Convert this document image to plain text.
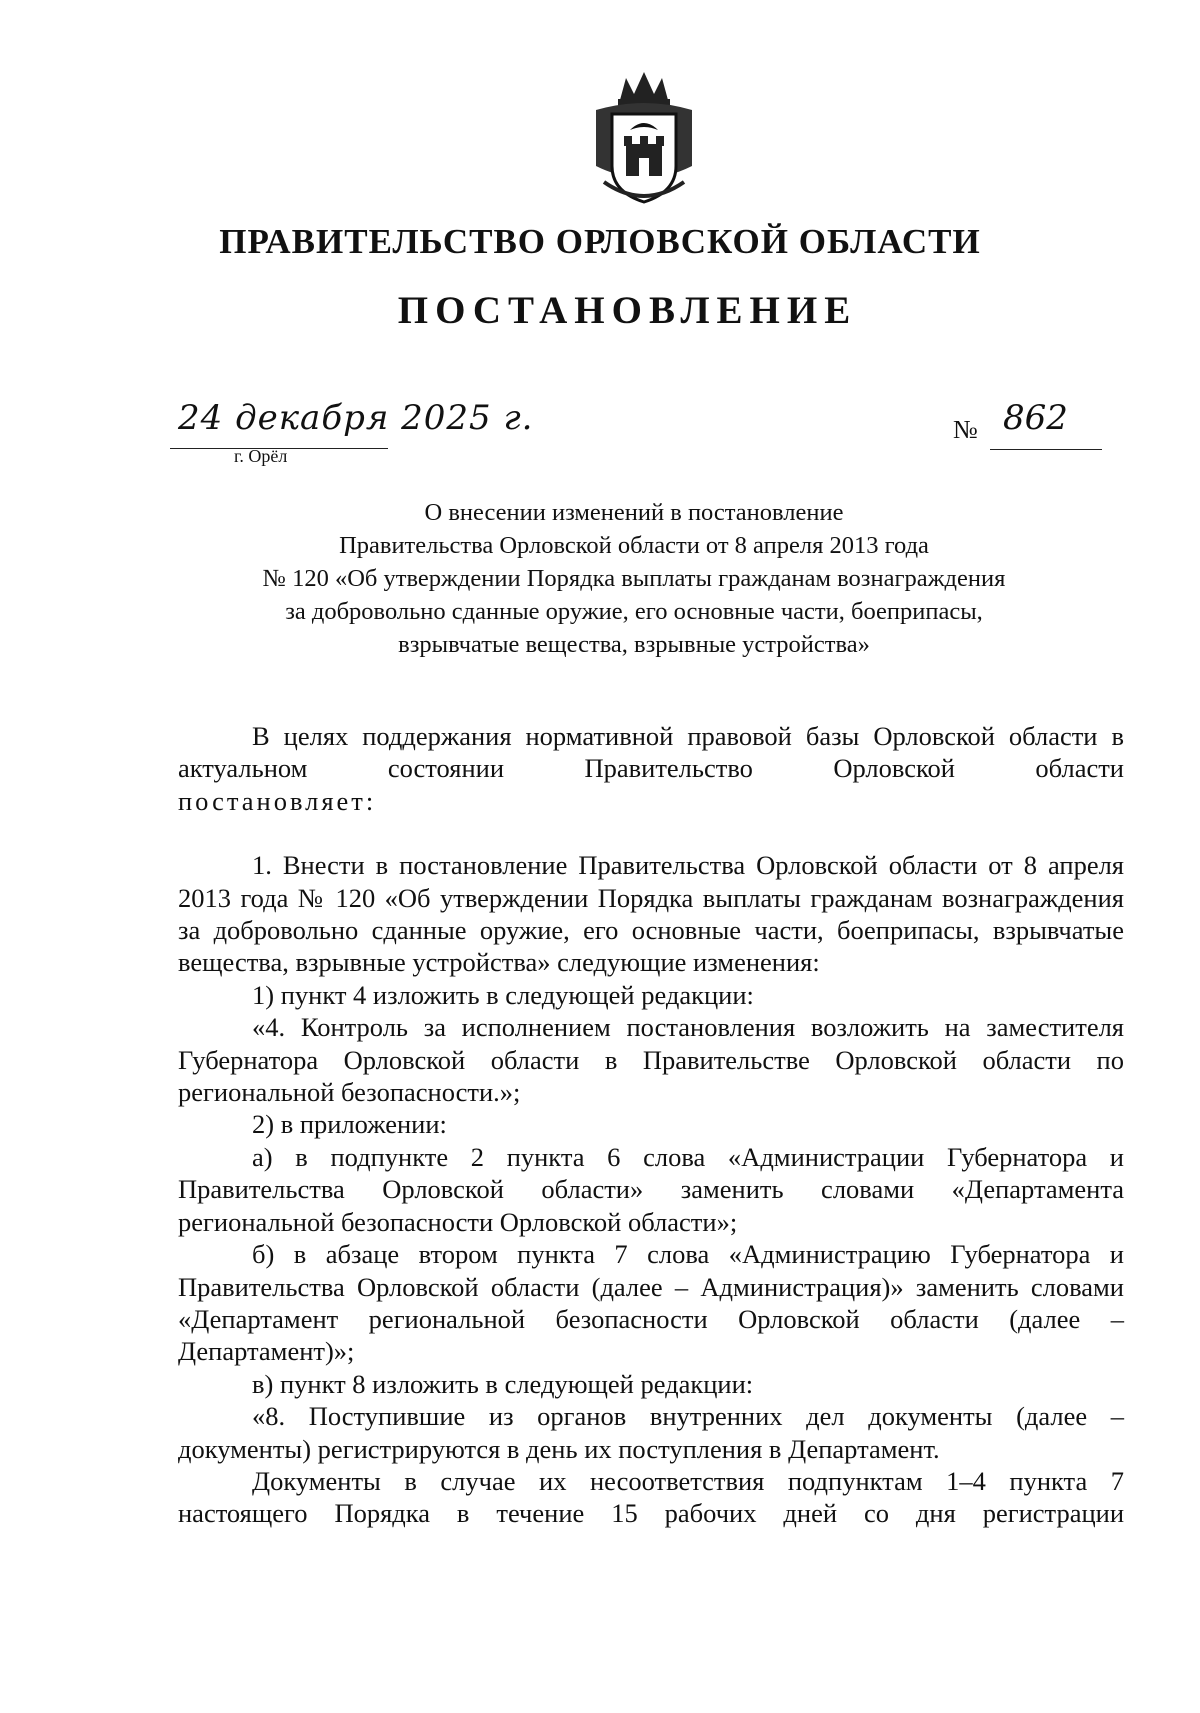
ПРАВИТЕЛЬСТВО ОРЛОВСКОЙ ОБЛАСТИ
ПОСТАНОВЛЕНИЕ
24 декабря 2025 г.
г. Орёл
№ 862
О внесении изменений в постановление
Правительства Орловской области от 8 апреля 2013 года
№ 120 «Об утверждении Порядка выплаты гражданам вознаграждения
за добровольно сданные оружие, его основные части, боеприпасы,
взрывчатые вещества, взрывные устройства»

В целях поддержания нормативной правовой базы Орловской области в актуальном состоянии Правительство Орловской области

постановляет:

1. Внести в постановление Правительства Орловской области от 8 апреля 2013 года № 120 «Об утверждении Порядка выплаты гражданам вознаграждения за добровольно сданные оружие, его основные части, боеприпасы, взрывчатые вещества, взрывные устройства» следующие изменения:

1) пункт 4 изложить в следующей редакции:

«4. Контроль за исполнением постановления возложить на заместителя Губернатора Орловской области в Правительстве Орловской области по региональной безопасности.»;

2) в приложении:

а) в подпункте 2 пункта 6 слова «Администрации Губернатора и Правительства Орловской области» заменить словами «Департамента региональной безопасности Орловской области»;

б) в абзаце втором пункта 7 слова «Администрацию Губернатора и Правительства Орловской области (далее – Администрация)» заменить словами «Департамент региональной безопасности Орловской области (далее – Департамент)»;

в) пункт 8 изложить в следующей редакции:

«8. Поступившие из органов внутренних дел документы (далее – документы) регистрируются в день их поступления в Департамент.

Документы в случае их несоответствия подпунктам 1–4 пункта 7 настоящего Порядка в течение 15 рабочих дней со дня регистрации
